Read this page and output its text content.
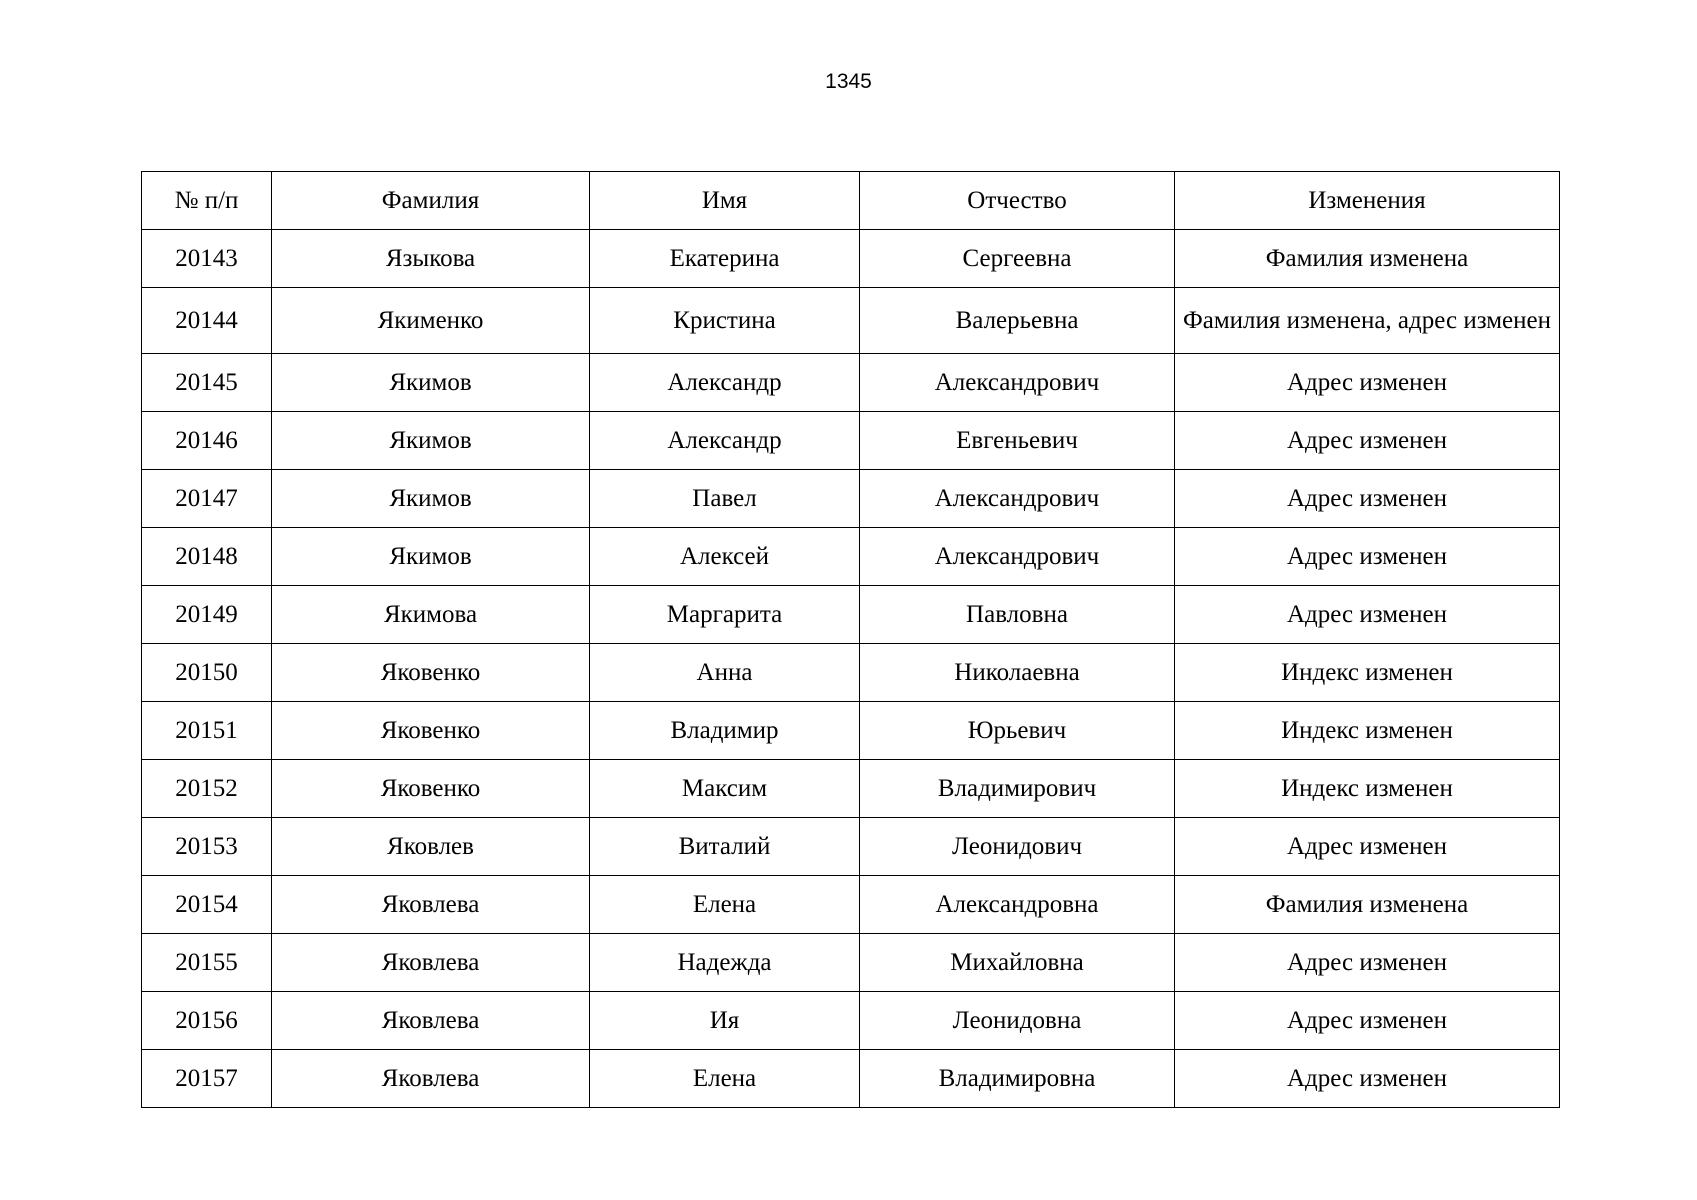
1345
№ п/п	Фамилия	Имя	Отчество	Изменения
20143	Языкова	Екатерина	Сергеевна	Фамилия изменена
20144	Якименко	Кристина	Валерьевна	Фамилия изменена, адрес изменен
20145	Якимов	Александр	Александрович	Адрес изменен
20146	Якимов	Александр	Евгеньевич	Адрес изменен
20147	Якимов	Павел	Александрович	Адрес изменен
20148	Якимов	Алексей	Александрович	Адрес изменен
20149	Якимова	Маргарита	Павловна	Адрес изменен
20150	Яковенко	Анна	Николаевна	Индекс изменен
20151	Яковенко	Владимир	Юрьевич	Индекс изменен
20152	Яковенко	Максим	Владимирович	Индекс изменен
20153	Яковлев	Виталий	Леонидович	Адрес изменен
20154	Яковлева	Елена	Александровна	Фамилия изменена
20155	Яковлева	Надежда	Михайловна	Адрес изменен
20156	Яковлева	Ия	Леонидовна	Адрес изменен
20157	Яковлева	Елена	Владимировна	Адрес изменен
